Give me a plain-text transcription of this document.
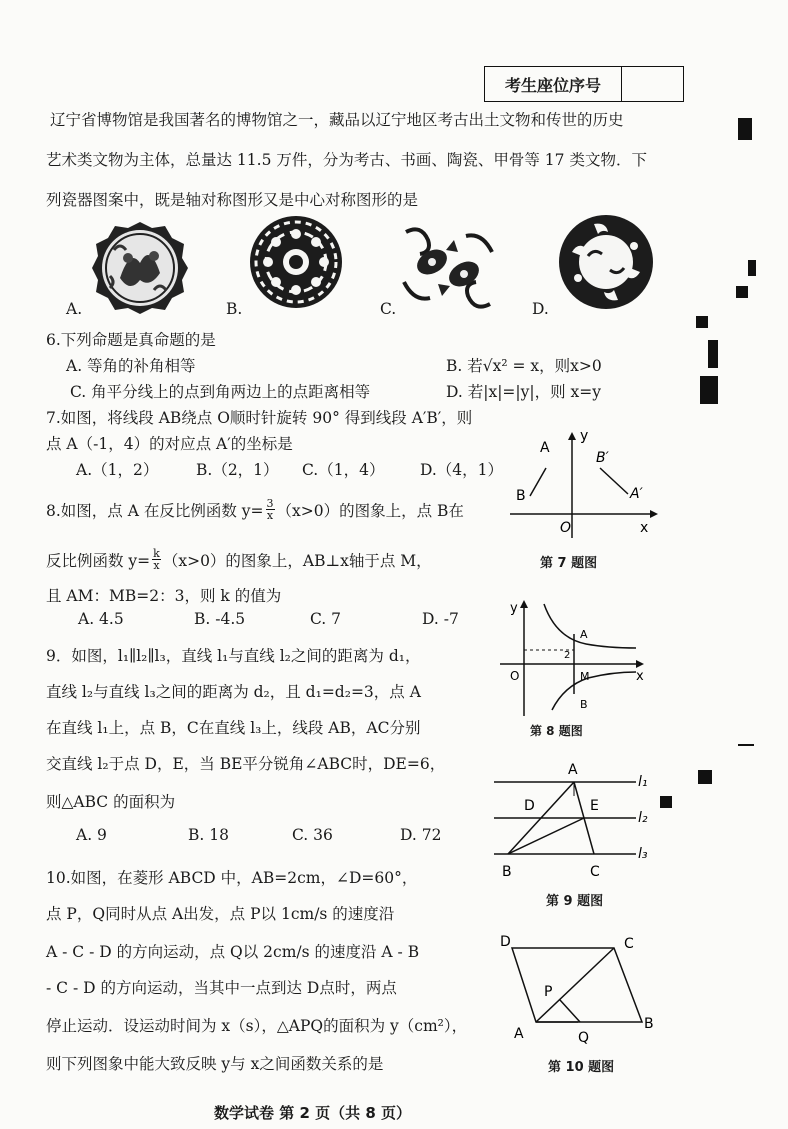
考生座位序号
辽宁省博物馆是我国著名的博物馆之一，藏品以辽宁地区考古出土文物和传世的历史
艺术类文物为主体，总量达 11.5 万件，分为考古、书画、陶瓷、甲骨等 17 类文物．下
列瓷器图案中，既是轴对称图形又是中心对称图形的是
A.	B.	C.	D.
6.下列命题是真命题的是
A. 等角的补角相等	B. 若√x² = x，则x>0
C. 角平分线上的点到角两边上的点距离相等	D. 若|x|=|y|，则 x=y
7.如图，将线段 AB绕点 O顺时针旋转 90° 得到线段 A′B′，则
点 A（-1，4）的对应点 A′的坐标是
A.（1，2） B.（2，1） C.（1，4） D.（4，1）
A
B
B′
A′
y
x
O
第 7 题图
8.如图，点 A 在反比例函数 $y= \frac{3}{x} (x>0)$的图象上，点 B在
反比例函数 $y= \frac{k}{x} (x>0)$的图象上，AB⊥x轴于点 M，
且 AM：MB=2：3，则 k 的值为
A. 4.5	B. -4.5	C. 7	D. -7
y
x
O
A
2
M
B
第 8 题图
9．如图，l₁∥l₂∥l₃，直线 l₁与直线 l₂之间的距离为 d₁，
直线 l₂与直线 l₃之间的距离为 d₂，且 d₁=d₂=3，点 A
在直线 l₁上，点 B，C在直线 l₃上，线段 AB，AC分别
交直线 l₂于点 D，E，当 BE平分锐角∠ABC时，DE=6，
则△ABC 的面积为
A. 9	B. 18	C. 36	D. 72
A
D	E
B	C
l₁
l₂
l₃
第 9 题图
10.如图，在菱形 ABCD 中，AB=2cm，∠D=60°，
点 P，Q同时从点 A出发，点 P以 1cm/s 的速度沿
A - C - D 的方向运动，点 Q以 2cm/s 的速度沿 A - B
- C - D 的方向运动，当其中一点到达 D点时，两点
停止运动．设运动时间为 x（s），△APQ的面积为 y（cm²），
则下列图象中能大致反映 y与 x之间函数关系的是
D	C
P
A	Q
B
第 10 题图
数学试卷 第 2 页（共 8 页）
